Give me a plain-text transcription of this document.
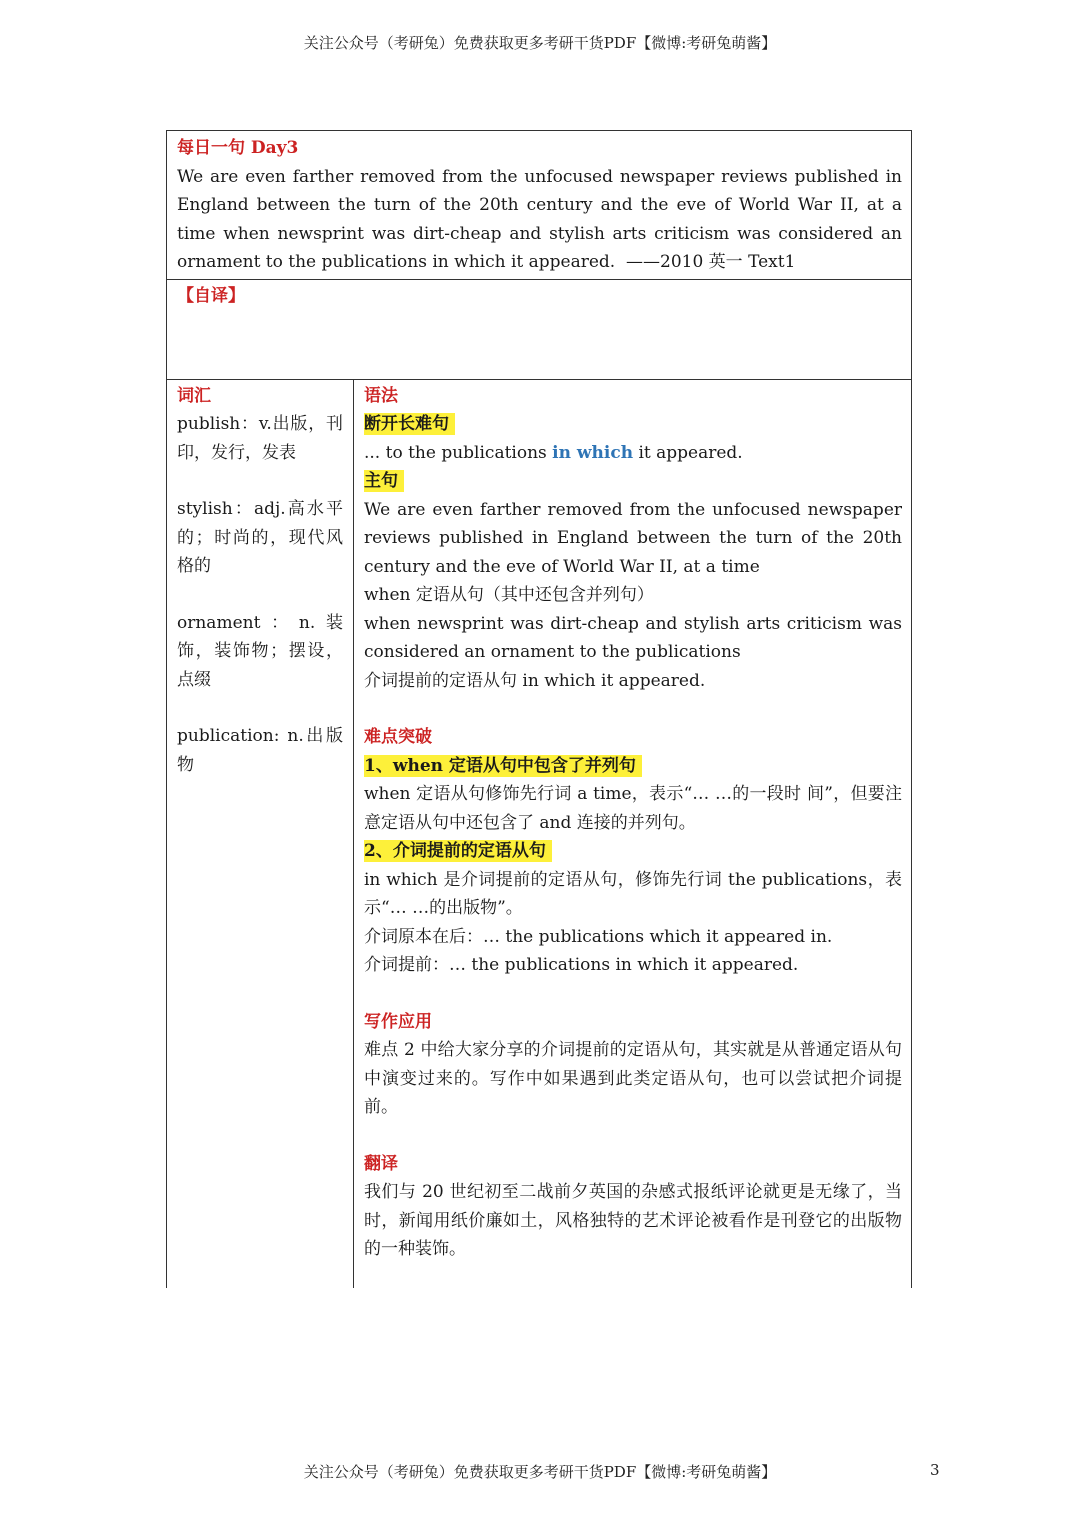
关注公众号（考研兔）免费获取更多考研干货PDF【微博:考研兔萌酱】
每日一句 Day3
We are even farther removed from the unfocused newspaper reviews published in England between the turn of the 20th century and the eve of World War II, at a time when newsprint was dirt-cheap and stylish arts criticism was considered an ornament to the publications in which it appeared. ——2010 英一 Text1
【自译】
词汇
publish：v.出版，刊印，发行，发表
stylish：adj.高水平的；时尚的，现代风格的
ornament：n.装饰，装饰物；摆设，点缀
publication: n.出版物
语法
断开长难句
... to the publications in which it appeared.
主句
We are even farther removed from the unfocused newspaper reviews published in England between the turn of the 20th century and the eve of World War II, at a time
when 定语从句（其中还包含并列句）
when newsprint was dirt-cheap and stylish arts criticism was considered an ornament to the publications
介词提前的定语从句 in which it appeared.
难点突破
1、when 定语从句中包含了并列句
when 定语从句修饰先行词 a time，表示“… …的一段时 间”，但要注意定语从句中还包含了 and 连接的并列句。
2、介词提前的定语从句
in which 是介词提前的定语从句，修饰先行词 the publications，表示“… …的出版物”。
介词原本在后：… the publications which it appeared in.
介词提前：… the publications in which it appeared.
写作应用
难点 2 中给大家分享的介词提前的定语从句，其实就是从普通定语从句中演变过来的。写作中如果遇到此类定语从句，也可以尝试把介词提前。
翻译
我们与 20 世纪初至二战前夕英国的杂感式报纸评论就更是无缘了，当时，新闻用纸价廉如土，风格独特的艺术评论被看作是刊登它的出版物的一种装饰。
关注公众号（考研兔）免费获取更多考研干货PDF【微博:考研兔萌酱】	3
